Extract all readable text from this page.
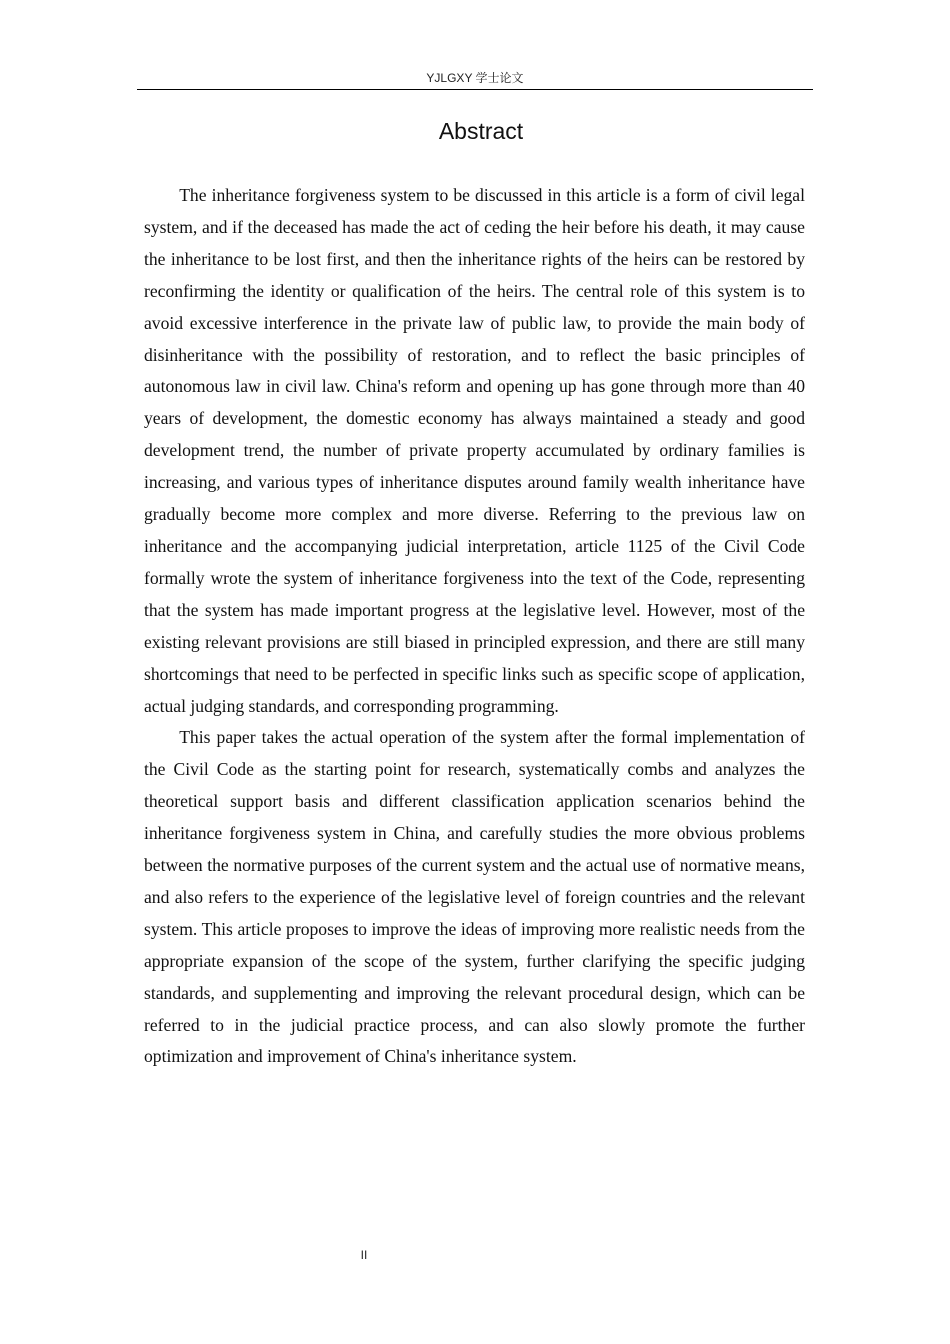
YJLGXY 学士论文
Abstract

The inheritance forgiveness system to be discussed in this article is a form of civil legal system, and if the deceased has made the act of ceding the heir before his death, it may cause the inheritance to be lost first, and then the inheritance rights of the heirs can be restored by reconfirming the identity or qualification of the heirs. The central role of this system is to avoid excessive interference in the private law of public law, to provide the main body of disinheritance with the possibility of restoration, and to reflect the basic principles of autonomous law in civil law. China's reform and opening up has gone through more than 40 years of development, the domestic economy has always maintained a steady and good development trend, the number of private property accumulated by ordinary families is increasing, and various types of inheritance disputes around family wealth inheritance have gradually become more complex and more diverse. Referring to the previous law on inheritance and the accompanying judicial interpretation, article 1125 of the Civil Code formally wrote the system of inheritance forgiveness into the text of the Code, representing that the system has made important progress at the legislative level. However, most of the existing relevant provisions are still biased in principled expression, and there are still many shortcomings that need to be perfected in specific links such as specific scope of application, actual judging standards, and corresponding programming.

This paper takes the actual operation of the system after the formal implementation of the Civil Code as the starting point for research, systematically combs and analyzes the theoretical support basis and different classification application scenarios behind the inheritance forgiveness system in China, and carefully studies the more obvious problems between the normative purposes of the current system and the actual use of normative means, and also refers to the experience of the legislative level of foreign countries and the relevant system. This article proposes to improve the ideas of improving more realistic needs from the appropriate expansion of the scope of the system, further clarifying the specific judging standards, and supplementing and improving the relevant procedural design, which can be referred to in the judicial practice process, and can also slowly promote the further optimization and improvement of China's inheritance system.

II
